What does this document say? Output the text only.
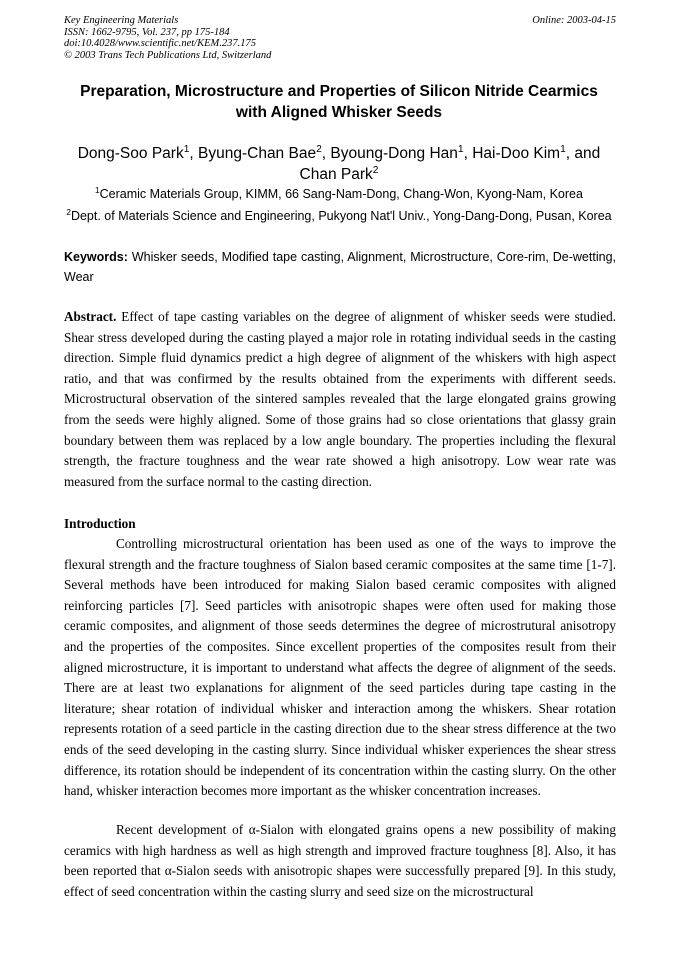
Key Engineering Materials
ISSN: 1662-9795, Vol. 237, pp 175-184
doi:10.4028/www.scientific.net/KEM.237.175
© 2003 Trans Tech Publications Ltd, Switzerland
Online: 2003-04-15
Preparation, Microstructure and Properties of Silicon Nitride Cearmics
with Aligned Whisker Seeds
Dong-Soo Park$^1$, Byung-Chan Bae$^2$, Byoung-Dong Han$^1$, Hai-Doo Kim$^1$, and
Chan Park$^2$
$^1$Ceramic Materials Group, KIMM, 66 Sang-Nam-Dong, Chang-Won, Kyong-Nam, Korea
$^2$Dept. of Materials Science and Engineering, Pukyong Nat'l Univ., Yong-Dang-Dong, Pusan, Korea
Keywords: Whisker seeds, Modified tape casting, Alignment, Microstructure, Core-rim, De-wetting, Wear
Abstract. Effect of tape casting variables on the degree of alignment of whisker seeds were studied. Shear stress developed during the casting played a major role in rotating individual seeds in the casting direction. Simple fluid dynamics predict a high degree of alignment of the whiskers with high aspect ratio, and that was confirmed by the results obtained from the experiments with different seeds. Microstructural observation of the sintered samples revealed that the large elongated grains growing from the seeds were highly aligned. Some of those grains had so close orientations that glassy grain boundary between them was replaced by a low angle boundary. The properties including the flexural strength, the fracture toughness and the wear rate showed a high anisotropy. Low wear rate was measured from the surface normal to the casting direction.
Introduction
Controlling microstructural orientation has been used as one of the ways to improve the flexural strength and the fracture toughness of Sialon based ceramic composites at the same time [1-7]. Several methods have been introduced for making Sialon based ceramic composites with aligned reinforcing particles [7]. Seed particles with anisotropic shapes were often used for making those ceramic composites, and alignment of those seeds determines the degree of microstrutural anisotropy and the properties of the composites. Since excellent properties of the composites result from their aligned microstructure, it is important to understand what affects the degree of alignment of the seeds. There are at least two explanations for alignment of the seed particles during tape casting in the literature; shear rotation of individual whisker and interaction among the whiskers. Shear rotation represents rotation of a seed particle in the casting direction due to the shear stress difference at the two ends of the seed developing in the casting slurry. Since individual whisker experiences the shear stress difference, its rotation should be independent of its concentration within the casting slurry. On the other hand, whisker interaction becomes more important as the whisker concentration increases.
Recent development of α-Sialon with elongated grains opens a new possibility of making ceramics with high hardness as well as high strength and improved fracture toughness [8]. Also, it has been reported that α-Sialon seeds with anisotropic shapes were successfully prepared [9]. In this study, effect of seed concentration within the casting slurry and seed size on the microstructural
